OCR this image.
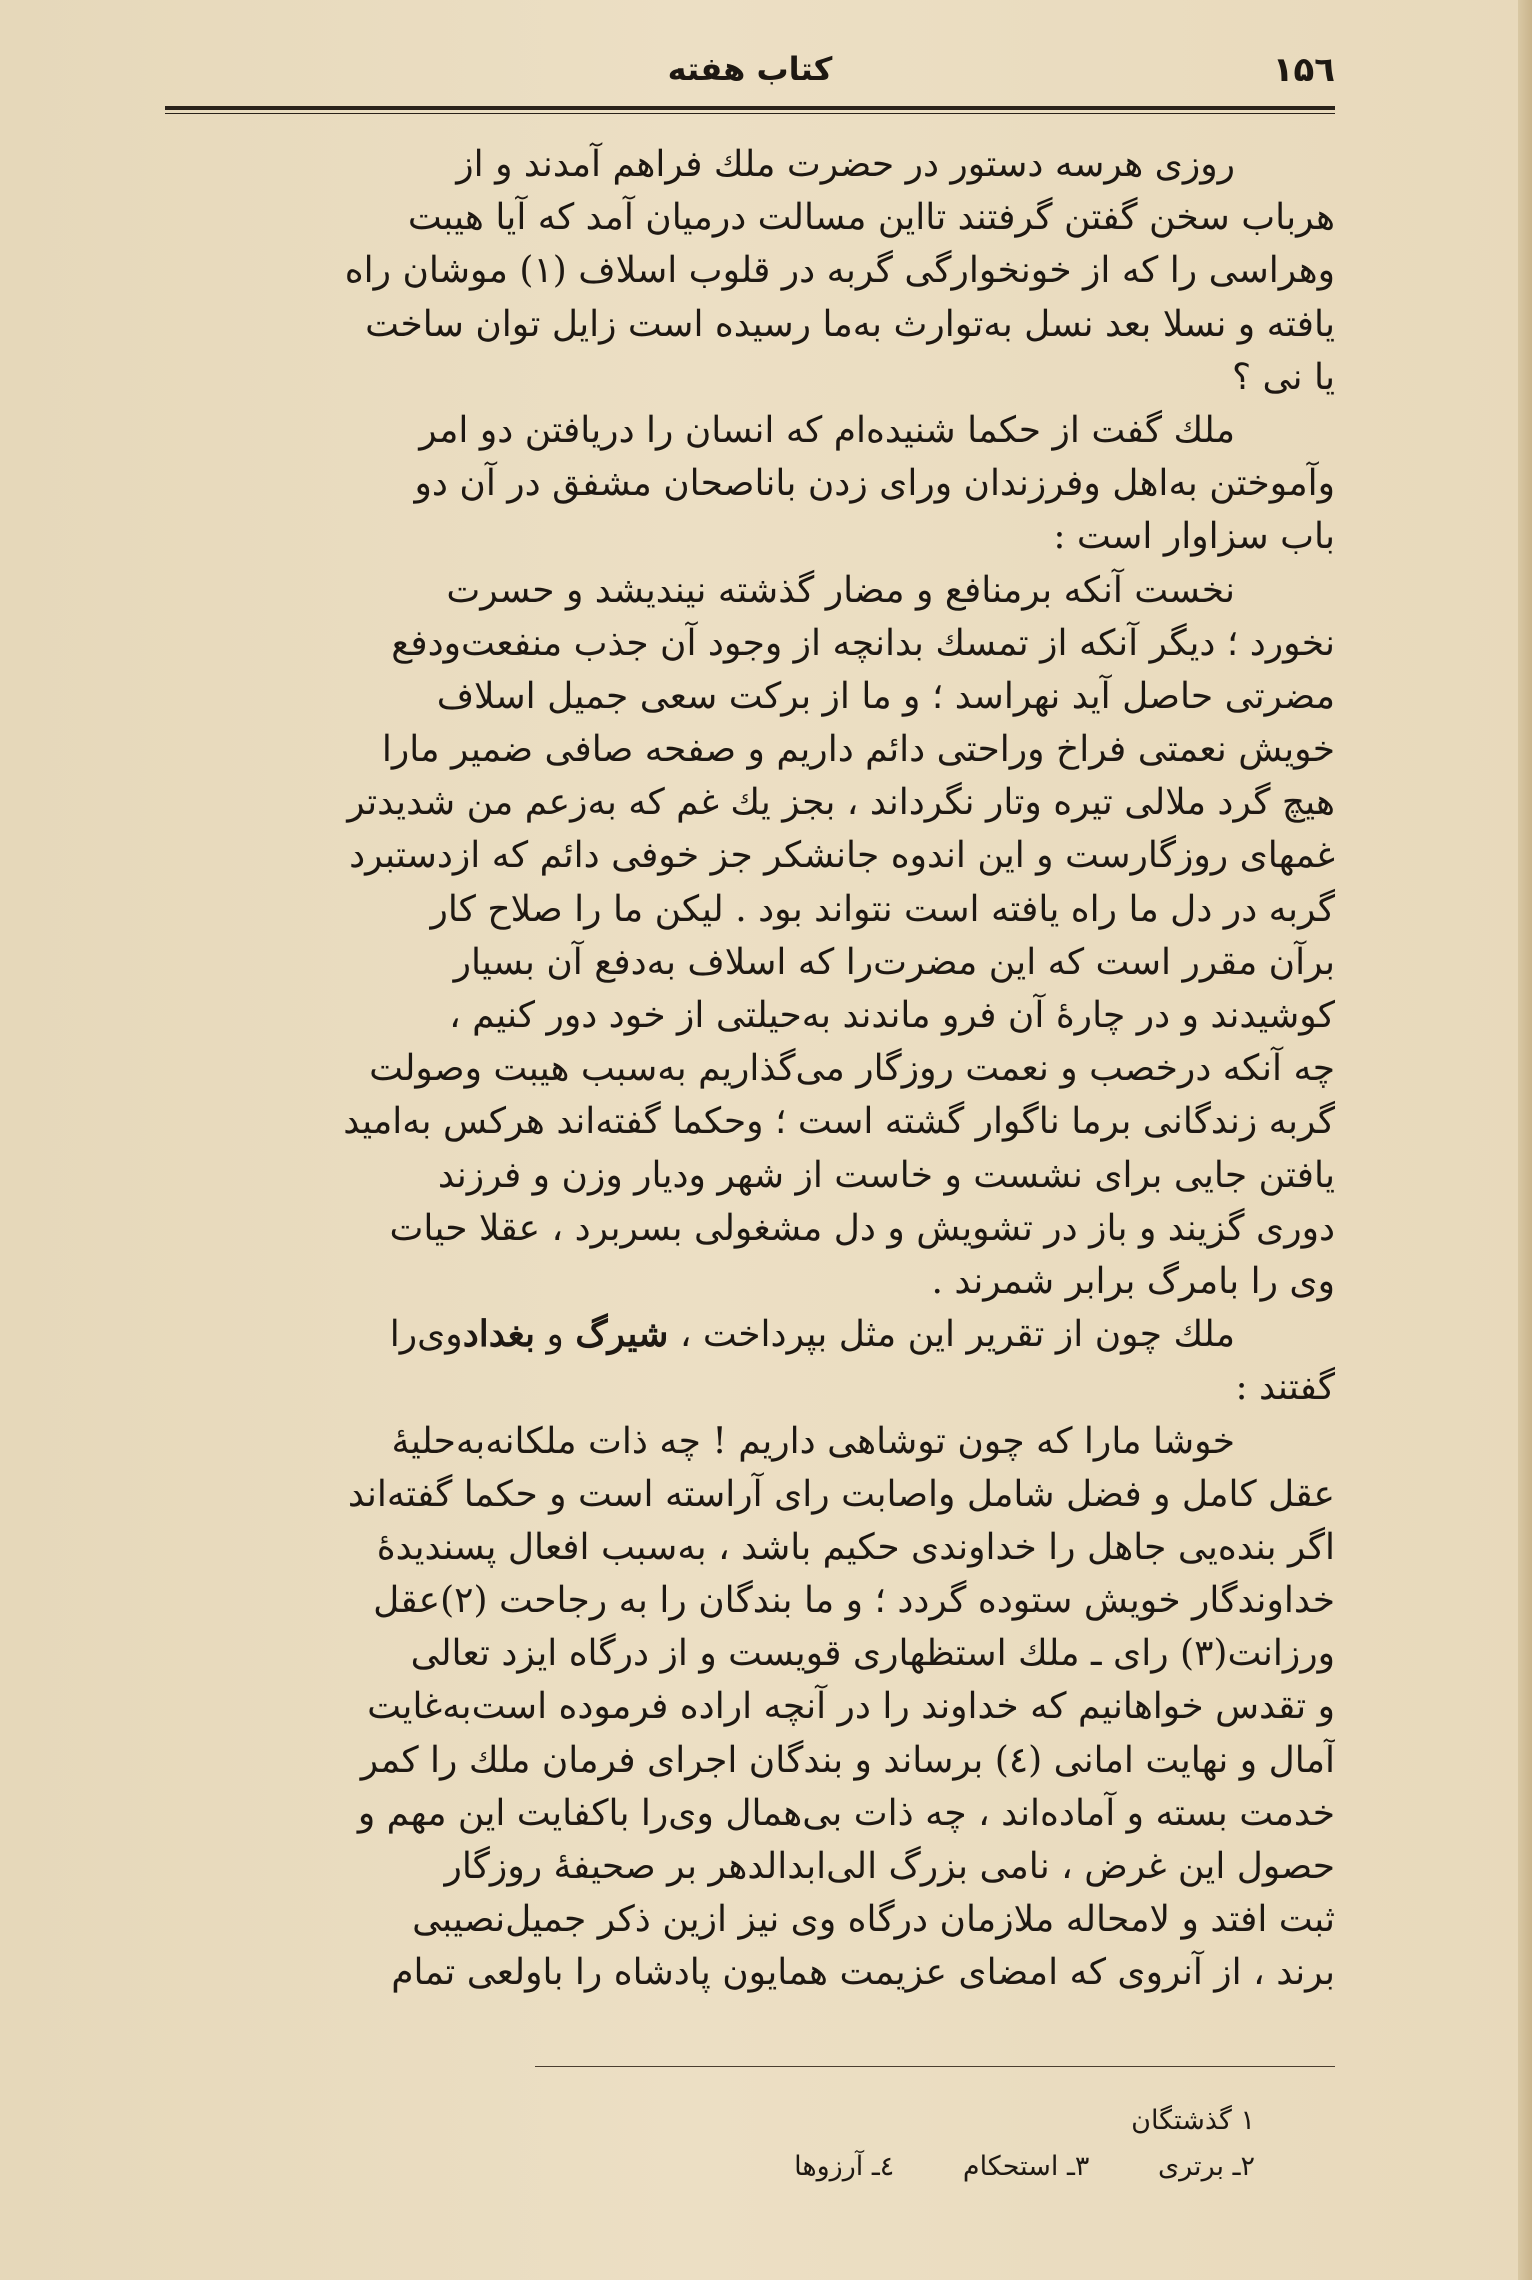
۱۵٦
کتاب هفته
روزی هرسه دستور در حضرت ملك فراهم آمدند و از
هرباب سخن گفتن گرفتند تااین مسالت درمیان آمد که آیا هیبت
وهراسی را که از خونخوارگی گربه در قلوب اسلاف (۱) موشان راه
یافته و نسلا بعد نسل به‌توارث به‌ما رسیده است زایل توان ساخت
یا نی ؟
ملك گفت از حکما شنیده‌ام که انسان را دریافتن دو امر
وآموختن به‌اهل وفرزندان ورای زدن باناصحان مشفق در آن دو
باب سزاوار است :
نخست آنکه برمنافع و مضار گذشته نیندیشد و حسرت
نخورد ؛ دیگر آنکه از تمسك بدانچه از وجود آن جذب منفعت‌ودفع
مضرتی حاصل آید نهراسد ؛ و ما از برکت سعی جمیل اسلاف
خویش نعمتی فراخ وراحتی دائم داریم و صفحه صافی ضمیر مارا
هیچ گرد ملالی تیره وتار نگرداند ، بجز یك غم که به‌زعم من شدیدتر
غمهای روزگارست و این اندوه جانشکر جز خوفی دائم که ازدستبرد
گربه در دل ما راه یافته است نتواند بود . لیکن ما را صلاح کار
برآن مقرر است که این مضرت‌را که اسلاف به‌دفع آن بسیار
کوشیدند و در چارهٔ آن فرو ماندند به‌حیلتی از خود دور کنیم ،
چه آنکه درخصب و نعمت روزگار می‌گذاریم به‌سبب هیبت وصولت
گربه زندگانی برما ناگوار گشته است ؛ وحکما گفته‌اند هرکس به‌امید
یافتن جایی برای نشست و خاست از شهر ودیار وزن و فرزند
دوری گزیند و باز در تشویش و دل مشغولی بسربرد ، عقلا حیات
وی را بامرگ برابر شمرند .
ملك چون از تقریر این مثل بپرداخت ، شیرگ و بغدادوی‌را
گفتند :
خوشا مارا که چون توشاهی داریم ! چه ذات ملکانه‌به‌حلیهٔ
عقل کامل و فضل شامل واصابت رای آراسته است و حکما گفته‌اند
اگر بنده‌یی جاهل را خداوندی حکیم باشد ، به‌سبب افعال پسندیدهٔ
خداوندگار خویش ستوده گردد ؛ و ما بندگان را به رجاحت (۲)عقل
ورزانت(۳) رای ـ ملك استظهاری قویست و از درگاه ایزد تعالی
و تقدس خواهانیم که خداوند را در آنچه اراده فرموده است‌به‌غایت
آمال و نهایت امانی (٤) برساند و بندگان اجرای فرمان ملك را کمر
خدمت بسته و آماده‌اند ، چه ذات بی‌همال وی‌را باکفایت این مهم و
حصول این غرض ، نامی بزرگ الی‌ابدالدهر بر صحیفهٔ روزگار
ثبت افتد و لامحاله ملازمان درگاه وی نیز ازین ذکر جمیل‌نصیبی
برند ، از آنروی که امضای عزیمت همایون پادشاه را باولعی تمام
۱ گذشتگان
۲ـ برتری ۳ـ استحکام ٤ـ آرزوها
